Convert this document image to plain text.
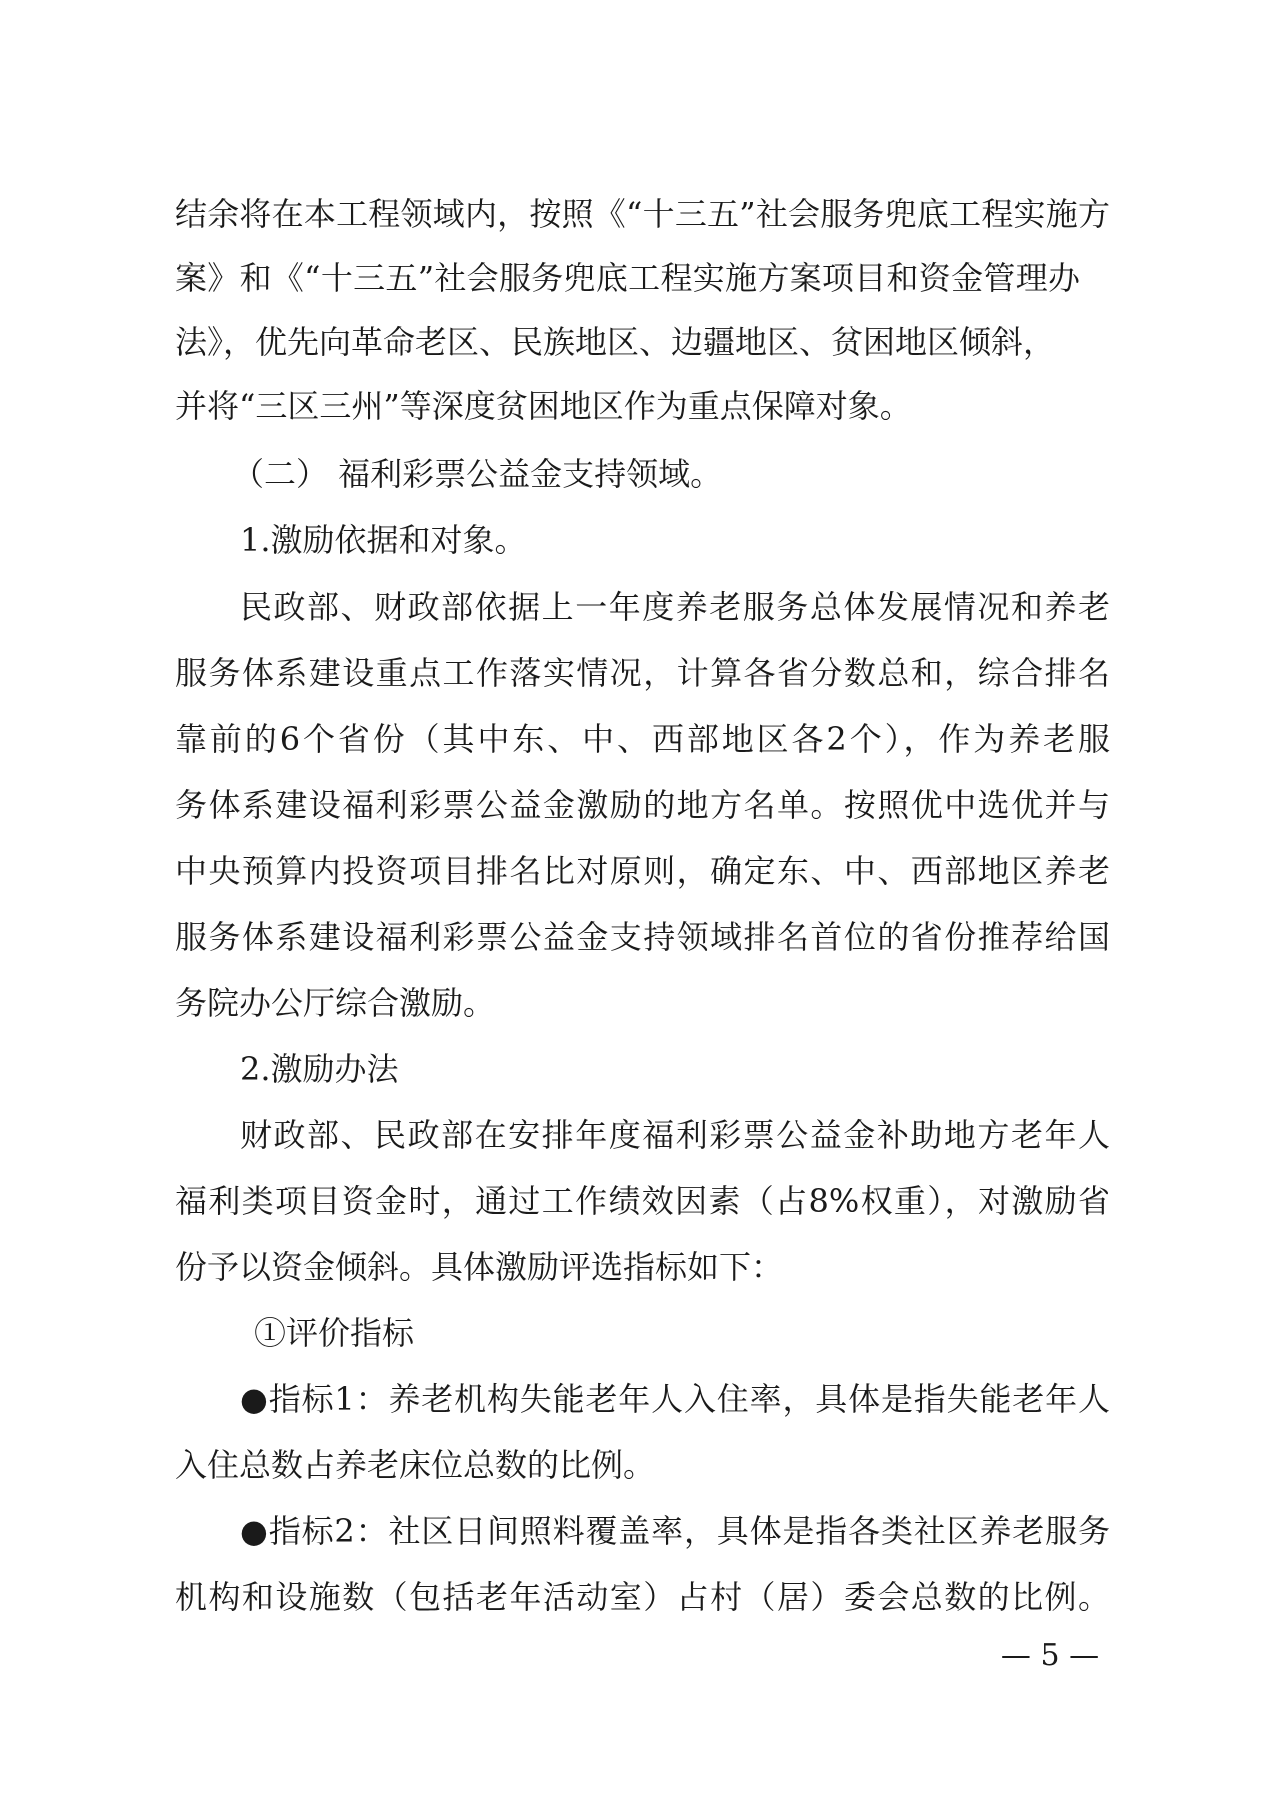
结余将在本工程领域内，按照《“十三五”社会服务兜底工程实施方
案》和《“十三五”社会服务兜底工程实施方案项目和资金管理办
法》，优先向革命老区、民族地区、边疆地区、贫困地区倾斜，
并将“三区三州”等深度贫困地区作为重点保障对象。
（二） 福利彩票公益金支持领域。
1.激励依据和对象。
民政部、财政部依据上一年度养老服务总体发展情况和养老
服务体系建设重点工作落实情况，计算各省分数总和，综合排名
靠前的6个省份（其中东、中、西部地区各2个），作为养老服
务体系建设福利彩票公益金激励的地方名单。按照优中选优并与
中央预算内投资项目排名比对原则，确定东、中、西部地区养老
服务体系建设福利彩票公益金支持领域排名首位的省份推荐给国
务院办公厅综合激励。
2.激励办法
财政部、民政部在安排年度福利彩票公益金补助地方老年人
福利类项目资金时，通过工作绩效因素（占8%权重），对激励省
份予以资金倾斜。具体激励评选指标如下：
①评价指标
●指标1：养老机构失能老年人入住率，具体是指失能老年人
入住总数占养老床位总数的比例。
●指标2：社区日间照料覆盖率，具体是指各类社区养老服务
机构和设施数（包括老年活动室）占村（居）委会总数的比例。
— 5 —
